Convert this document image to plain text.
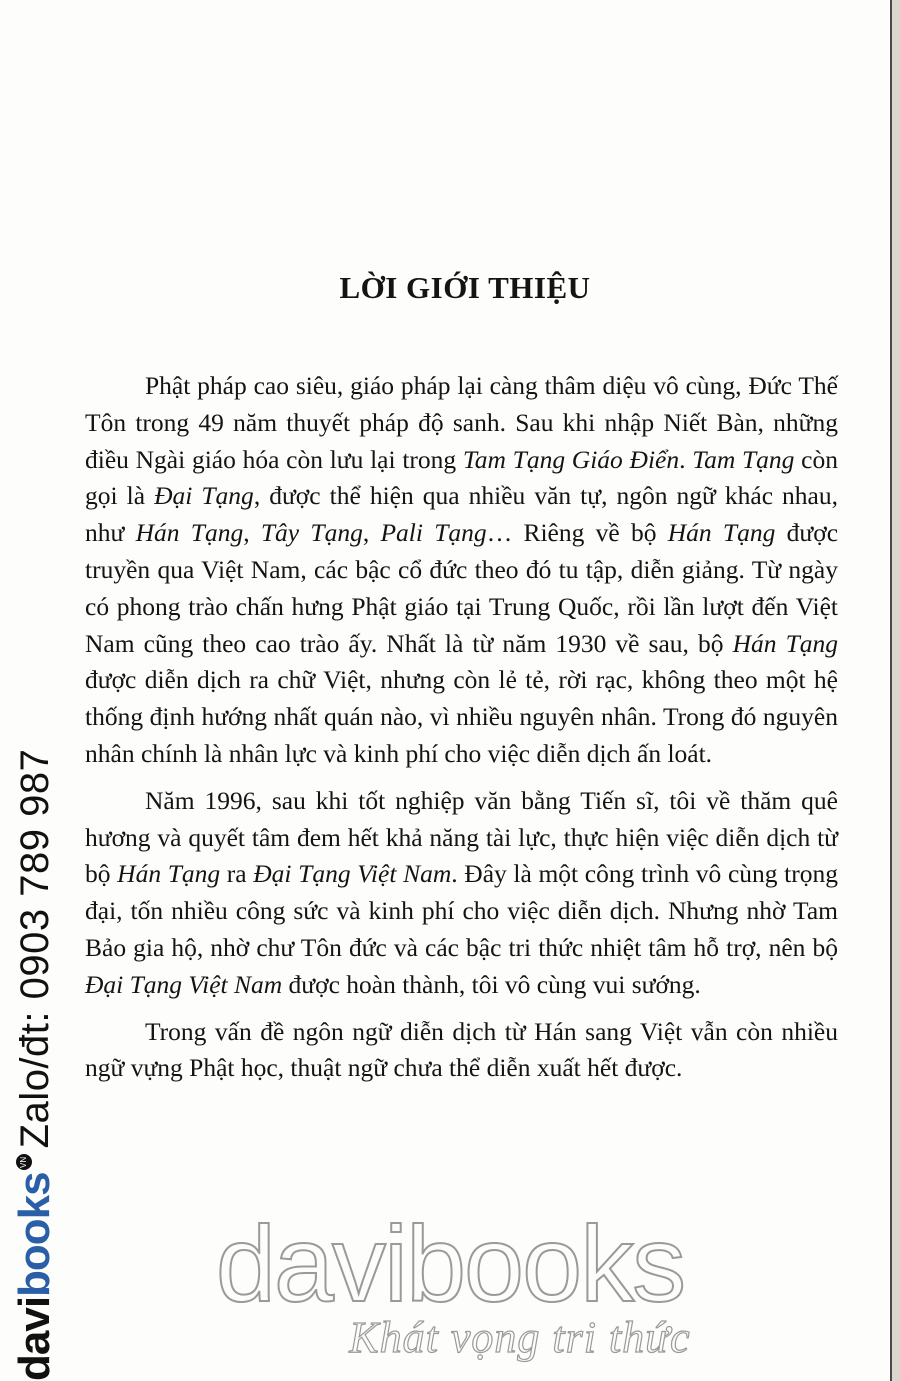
LỜI GIỚI THIỆU

Phật pháp cao siêu, giáo pháp lại càng thâm diệu vô cùng, Đức Thế Tôn trong 49 năm thuyết pháp độ sanh. Sau khi nhập Niết Bàn, những điều Ngài giáo hóa còn lưu lại trong Tam Tạng Giáo Điển. Tam Tạng còn gọi là Đại Tạng, được thể hiện qua nhiều văn tự, ngôn ngữ khác nhau, như Hán Tạng, Tây Tạng, Pali Tạng… Riêng về bộ Hán Tạng được truyền qua Việt Nam, các bậc cổ đức theo đó tu tập, diễn giảng. Từ ngày có phong trào chấn hưng Phật giáo tại Trung Quốc, rồi lần lượt đến Việt Nam cũng theo cao trào ấy. Nhất là từ năm 1930 về sau, bộ Hán Tạng được diễn dịch ra chữ Việt, nhưng còn lẻ tẻ, rời rạc, không theo một hệ thống định hướng nhất quán nào, vì nhiều nguyên nhân. Trong đó nguyên nhân chính là nhân lực và kinh phí cho việc diễn dịch ấn loát.

Năm 1996, sau khi tốt nghiệp văn bằng Tiến sĩ, tôi về thăm quê hương và quyết tâm đem hết khả năng tài lực, thực hiện việc diễn dịch từ bộ Hán Tạng ra Đại Tạng Việt Nam. Đây là một công trình vô cùng trọng đại, tốn nhiều công sức và kinh phí cho việc diễn dịch. Nhưng nhờ Tam Bảo gia hộ, nhờ chư Tôn đức và các bậc tri thức nhiệt tâm hỗ trợ, nên bộ Đại Tạng Việt Nam được hoàn thành, tôi vô cùng vui sướng.

Trong vấn đề ngôn ngữ diễn dịch từ Hán sang Việt vẫn còn nhiều ngữ vựng Phật học, thuật ngữ chưa thể diễn xuất hết được.

davi
books
VN
Zalo/đt: 0903 789 987
davibooks
Khát vọng tri thức
